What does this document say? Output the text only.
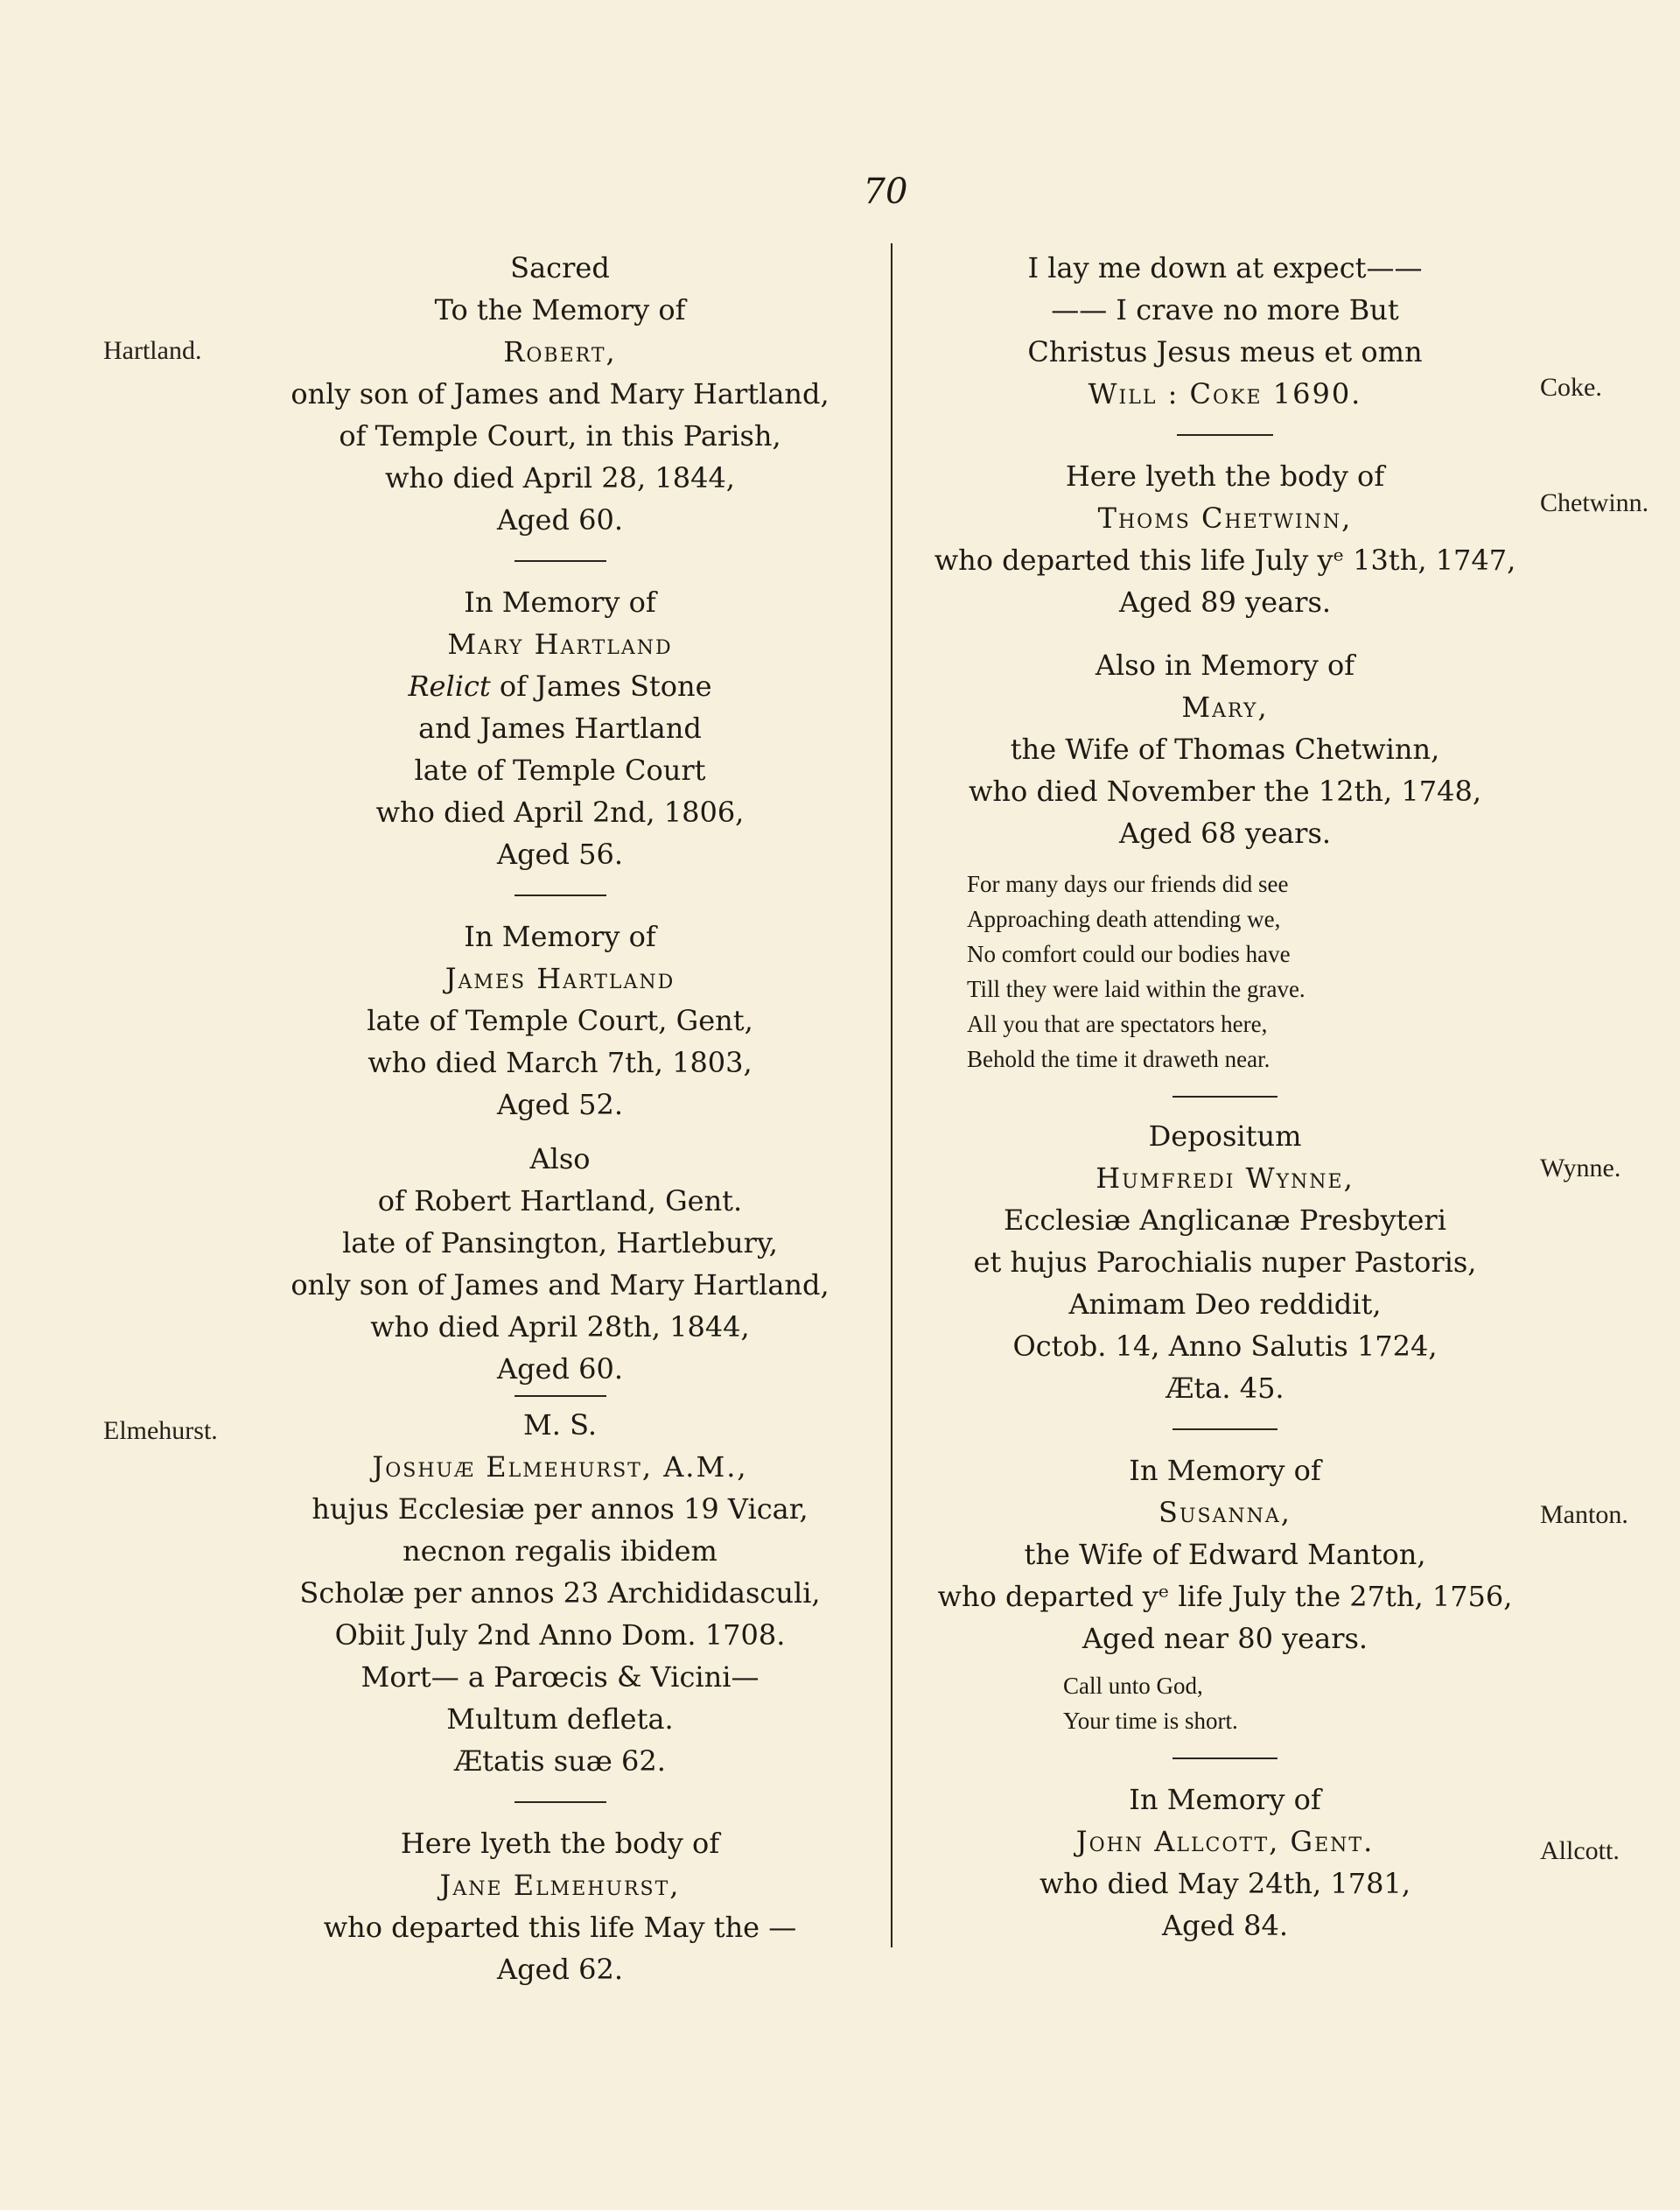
70
Hartland.
Elmehurst.
Coke.
Chetwinn.
Wynne.
Manton.
Allcott.
Sacred
To the Memory of
Robert,
only son of James and Mary Hartland,
of Temple Court, in this Parish,
who died April 28, 1844,
Aged 60.
In Memory of
Mary Hartland
Relict of James Stone
and James Hartland
late of Temple Court
who died April 2nd, 1806,
Aged 56.
In Memory of
James Hartland
late of Temple Court, Gent,
who died March 7th, 1803,
Aged 52.
Also
of Robert Hartland, Gent.
late of Pansington, Hartlebury,
only son of James and Mary Hartland,
who died April 28th, 1844,
Aged 60.
M. S.
Joshuæ Elmehurst, A.M.,
hujus Ecclesiæ per annos 19 Vicar,
necnon regalis ibidem
Scholæ per annos 23 Archididasculi,
Obiit July 2nd Anno Dom. 1708.
Mort— a Parœcis & Vicini—
Multum defleta.
Ætatis suæ 62.
Here lyeth the body of
Jane Elmehurst,
who departed this life May the —
Aged 62.
I lay me down at expect——
—— I crave no more But
Christus Jesus meus et omn
Will : Coke 1690.
Here lyeth the body of
Thoms Chetwinn,
who departed this life July yᵉ 13th, 1747,
Aged 89 years.
Also in Memory of
Mary,
the Wife of Thomas Chetwinn,
who died November the 12th, 1748,
Aged 68 years.
For many days our friends did see
Approaching death attending we,
No comfort could our bodies have
Till they were laid within the grave.
All you that are spectators here,
Behold the time it draweth near.
Depositum
Humfredi Wynne,
Ecclesiæ Anglicanæ Presbyteri
et hujus Parochialis nuper Pastoris,
Animam Deo reddidit,
Octob. 14, Anno Salutis 1724,
Æta. 45.
In Memory of
Susanna,
the Wife of Edward Manton,
who departed yᵉ life July the 27th, 1756,
Aged near 80 years.
Call unto God,
Your time is short.
In Memory of
John Allcott, Gent.
who died May 24th, 1781,
Aged 84.
